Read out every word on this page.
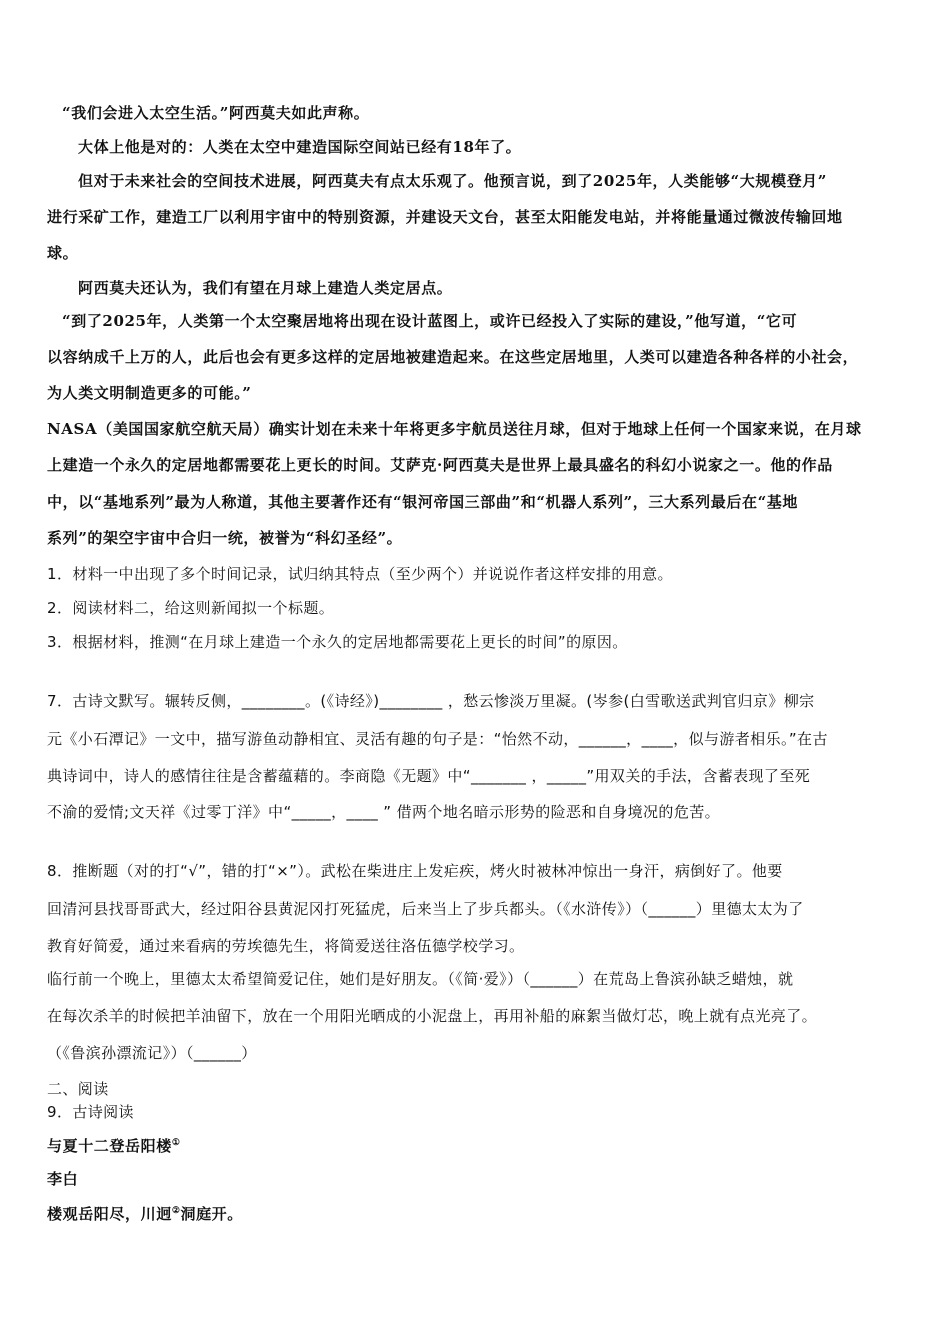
“我们会进入太空生活。”阿西莫夫如此声称。
大体上他是对的：人类在太空中建造国际空间站已经有18年了。
但对于未来社会的空间技术进展，阿西莫夫有点太乐观了。他预言说，到了2025年，人类能够“大规模登月”
进行采矿工作，建造工厂以利用宇宙中的特别资源，并建设天文台，甚至太阳能发电站，并将能量通过微波传输回地
球。
阿西莫夫还认为，我们有望在月球上建造人类定居点。
“到了2025年，人类第一个太空聚居地将出现在设计蓝图上，或许已经投入了实际的建设，”他写道，“它可
以容纳成千上万的人，此后也会有更多这样的定居地被建造起来。在这些定居地里，人类可以建造各种各样的小社会，
为人类文明制造更多的可能。”
NASA（美国国家航空航天局）确实计划在未来十年将更多宇航员送往月球，但对于地球上任何一个国家来说，在月球
上建造一个永久的定居地都需要花上更长的时间。艾萨克·阿西莫夫是世界上最具盛名的科幻小说家之一。他的作品
中，以“基地系列”最为人称道，其他主要著作还有“银河帝国三部曲”和“机器人系列”，三大系列最后在“基地
系列”的架空宇宙中合归一统，被誉为“科幻圣经”。
1．材料一中出现了多个时间记录，试归纳其特点（至少两个）并说说作者这样安排的用意。
2．阅读材料二，给这则新闻拟一个标题。
3．根据材料，推测“在月球上建造一个永久的定居地都需要花上更长的时间”的原因。
7．古诗文默写。辗转反侧，________。(《诗经》)________ ，愁云惨淡万里凝。(岑参(白雪歌送武判官归京》柳宗
元《小石潭记》一文中，描写游鱼动静相宜、灵活有趣的句子是：“怡然不动，______，____，似与游者相乐。”在古
典诗词中，诗人的感情往往是含蓄蕴藉的。李商隐《无题》中“_______ ，_____”用双关的手法，含蓄表现了至死
不渝的爱情;文天祥《过零丁洋》中“_____，____ ” 借两个地名暗示形势的险恶和自身境况的危苦。
8．推断题（对的打“√”，错的打“×”）。武松在柴进庄上发疟疾，烤火时被林冲惊出一身汗，病倒好了。他要
回清河县找哥哥武大，经过阳谷县黄泥冈打死猛虎，后来当上了步兵都头。（《水浒传》）（______）里德太太为了
教育好简爱，通过来看病的劳埃德先生，将简爱送往洛伍德学校学习。
临行前一个晚上，里德太太希望简爱记住，她们是好朋友。（《简·爱》）（______）在荒岛上鲁滨孙缺乏蜡烛，就
在每次杀羊的时候把羊油留下，放在一个用阳光晒成的小泥盘上，再用补船的麻絮当做灯芯，晚上就有点光亮了。
（《鲁滨孙漂流记》）（______）
二、阅读
9．古诗阅读
与夏十二登岳阳楼①
李白
楼观岳阳尽，川迥②洞庭开。
